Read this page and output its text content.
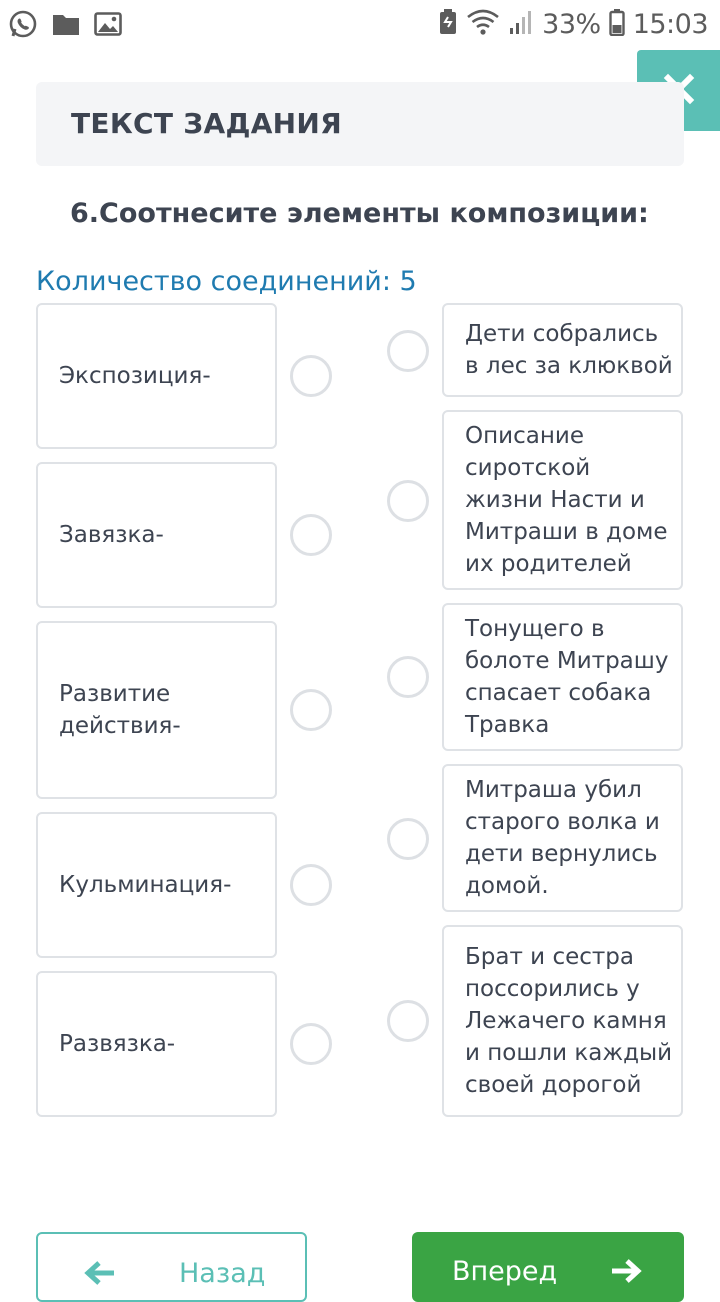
33% 15:03
ТЕКСТ ЗАДАНИЯ
6.Соотнесите элементы композиции:
Количество соединений: 5
Экспозиция-
Завязка-
Развитие действия-
Кульминация-
Развязка-
Дети собрались в лес за клюквой
Описание сиротской жизни Насти и Митраши в доме их родителей
Тонущего в болоте Митрашу спасает собака Травка
Митраша убил старого волка и дети вернулись домой.
Брат и сестра поссорились у Лежачего камня и пошли каждый своей дорогой
Назад	Вперед
